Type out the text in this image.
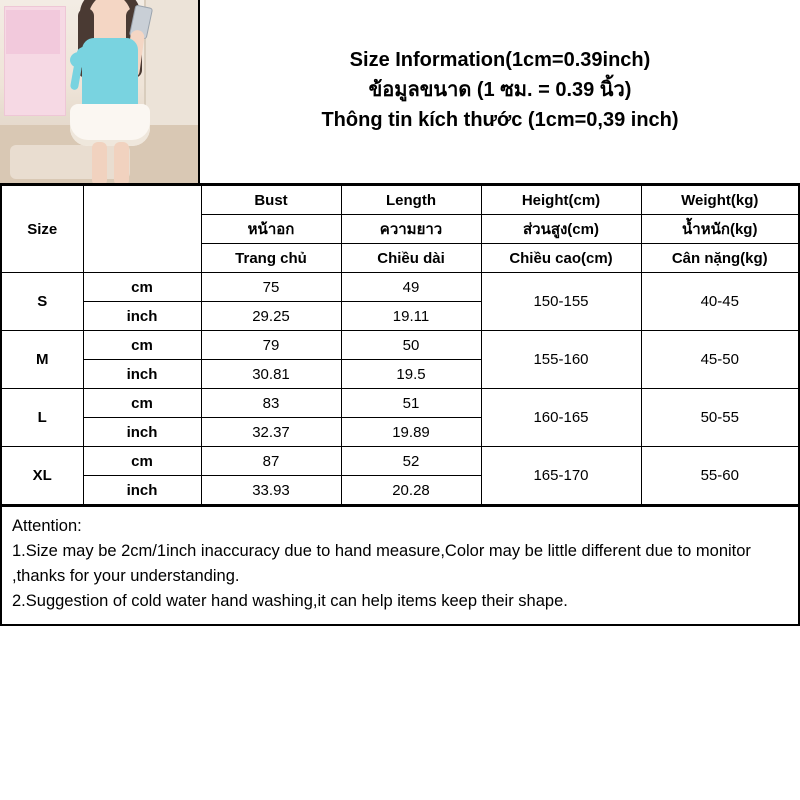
Size Information(1cm=0.39inch)
ข้อมูลขนาด (1 ซม. = 0.39 นิ้ว)
Thông tin kích thước (1cm=0,39 inch)
Size		Bust	Length	Height(cm)	Weight(kg)
		หน้าอก	ความยาว	ส่วนสูง(cm)	น้ำหนัก(kg)
		Trang chủ	Chiều dài	Chiều cao(cm)	Cân nặng(kg)
S	cm	75	49	150-155	40-45
	inch	29.25	19.11		
M	cm	79	50	155-160	45-50
	inch	30.81	19.5		
L	cm	83	51	160-165	50-55
	inch	32.37	19.89		
XL	cm	87	52	165-170	55-60
	inch	33.93	20.28		

Attention:

1.Size may be 2cm/1inch inaccuracy due to hand measure,Color may be little different due to monitor ,thanks for your understanding.

2.Suggestion of cold water hand washing,it can help items keep their shape.
